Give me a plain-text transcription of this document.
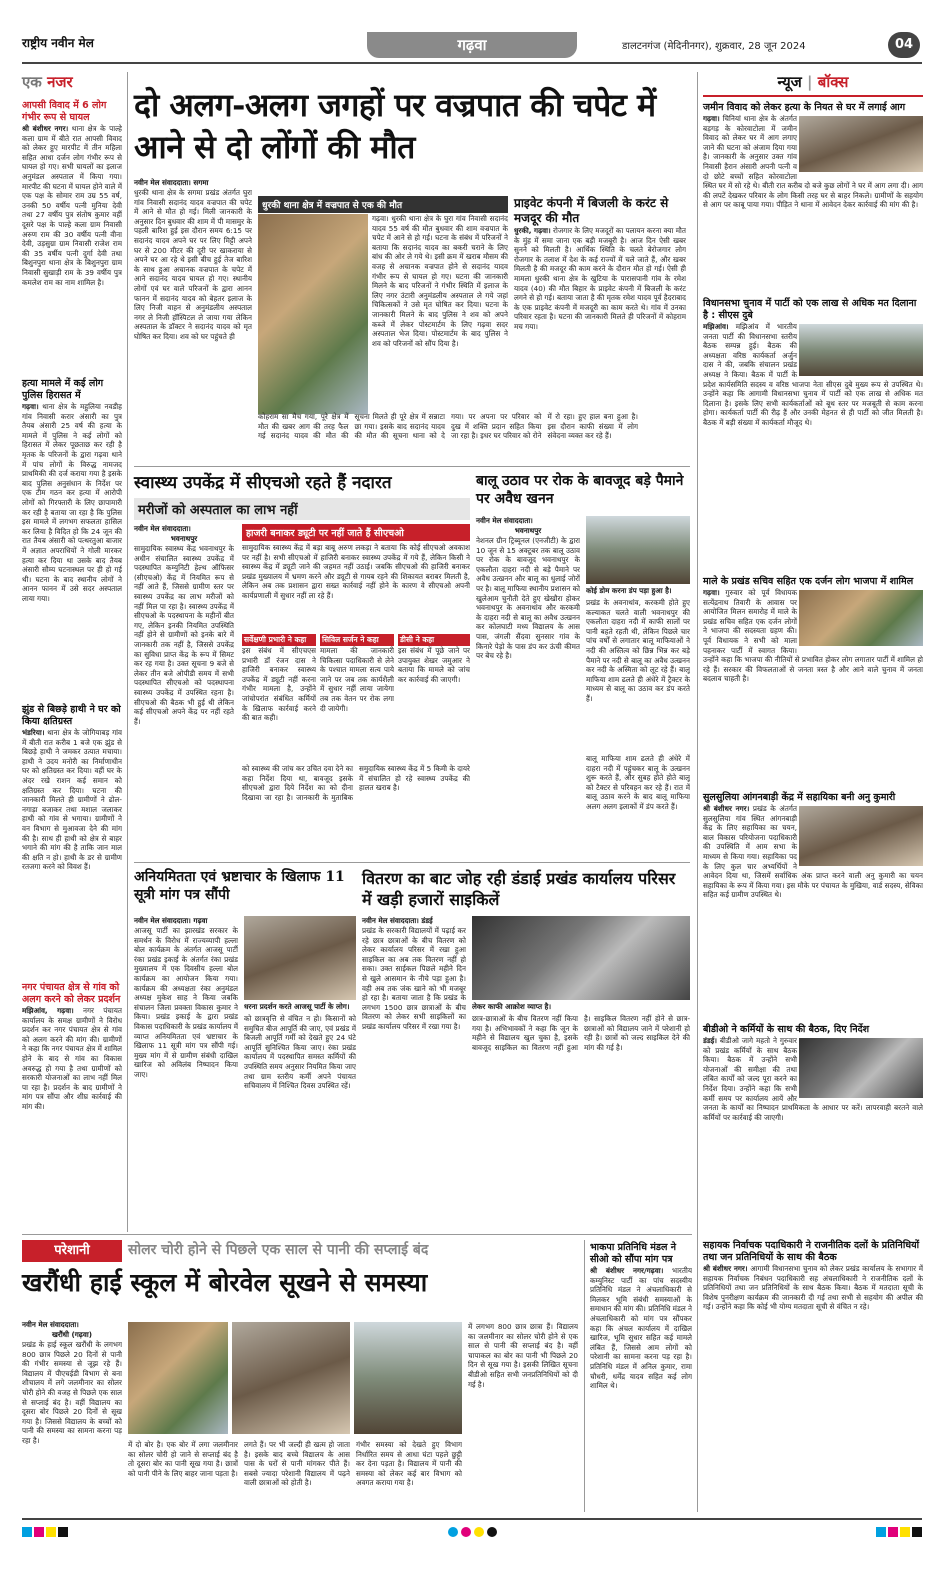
राष्ट्रीय नवीन मेल	गढ़वा	डालटनगंज (मेदिनीनगर), शुक्रवार, 28 जून 2024	04
एक नजर
आपसी विवाद में 6 लोग गंभीर रूप से घायल
श्री बंशीधर नगर। थाना क्षेत्र के पाल्हे कला ग्राम में बीते रात आपसी विवाद को लेकर हुए मारपीट में तीन महिला सहित आधा दर्जन लोग गंभीर रूप से घायल हो गए। सभी घायलों का इलाज अनुमंडल अस्पताल में किया गया। मारपीट की घटना में घायल होने वाले में एक पक्ष के सोमार राम उम्र 55 वर्ष, उनकी 50 वर्षीय पत्नी मुनिया देवी तथा 27 वर्षीय पुत्र संतोष कुमार वहीं दूसरे पक्ष के पाल्हे कला ग्राम निवासी अरुण राम की 30 वर्षीय पत्नी वीना देवी, उड़सुग्रा ग्राम निवासी राजेश राम की 35 वर्षीय पत्नी दुर्गा देवी तथा बिशुनपुरा थाना क्षेत्र के बिशुनपुरा ग्राम निवासी सुखाड़ी राम के 39 वर्षीय पुत्र कमलेश राम का नाम शामिल है।
हत्या मामले में कई लोग पुलिस हिरासत में
गढ़वा। थाना क्षेत्र के महुलिया नवडीह गांव निवासी करार अंसारी का पुत्र तैयब अंसारी 25 वर्ष की हत्या के मामले में पुलिस ने कई लोगों को हिरासत में लेकर पूछताछ कर रही है मृतक के परिजनों के द्वारा गढ़वा थाने में पांच लोगों के विरुद्ध नामजद प्राथमिकी की दर्ज कराया गया है इसके बाद पुलिस अनुसंधान के निर्देश पर एक टीम गठन कर हत्या में आरोपी लोगों को गिरफ्तारी के लिए छापामारी कर रही है बताया जा रहा है कि पुलिस इस मामले में लगभग सफलता हासिल कर लिया है विदित हो कि 24 जून की रात तैयब अंसारी को पत्थरतुआ बाजार में अज्ञात अपराधियों ने गोली मारकर हत्या कर दिया था उसके बाद तैयब अंसारी सौम्य घटनास्थल पर ही हो गई थी। घटना के बाद स्थानीय लोगों ने आनन फानन में उसे सदर अस्पताल लाया गया।
झुंड से बिछड़े हाथी ने घर को किया क्षतिग्रस्त
भंडरिया। थाना क्षेत्र के जोगियाबड़ गांव में बीती रात करीब 1 बजे एक झुंड से बिछड़े हाथी ने जमकर उत्पात मचाया। हाथी ने उदय मनोरी का निर्माणाधीन घर को क्षतिग्रस्त कर दिया। वहीं घर के अंदर रखे राशन कई समान को क्षतिग्रस्त कर दिया। घटना की जानकारी मिलते ही ग्रामीणों ने ढोल-नगाड़ा बजाकर तथा मशाल जलाकर हाथी को गांव से भगाया। ग्रामीणों ने वन विभाग से मुआवजा देने की मांग की है। साथ ही हाथी को क्षेत्र से बाहर भगाने की मांग की है ताकि जान माल की क्षति न हो। हाथी के डर से ग्रामीण रतजगा करने को विवश हैं।
नगर पंचायत क्षेत्र से गांव को अलग करने को लेकर प्रदर्शन
मझिआंव, गढ़वा। नगर पंचायत कार्यालय के समक्ष ग्रामीणों ने विरोध प्रदर्शन कर नगर पंचायत क्षेत्र से गांव को अलग करने की मांग की। ग्रामीणों ने कहा कि नगर पंचायत क्षेत्र में शामिल होने के बाद से गांव का विकास अवरुद्ध हो गया है तथा ग्रामीणों को सरकारी योजनाओं का लाभ नहीं मिल पा रहा है। प्रदर्शन के बाद ग्रामीणों ने मांग पत्र सौंपा और शीघ्र कार्रवाई की मांग की।
दो अलग-अलग जगहों पर वज्रपात की चपेट में आने से दो लोंगों की मौत
नवीन मेल संवाददाता। सगमा
धुरकी थाना क्षेत्र के सगमा प्रखंड अंतर्गत घुरा गांव निवासी सदानंद यादव वज्रपात की चपेट में आने से मौत हो गई। मिली जानकारी के अनुसार दिन बुधवार की शाम में पी मासमुर के पहली बारिश हुई इस दौरान समय 6:15 पर सदानंद यादव अपने घर पर लिए मिट्टी अपने घर से 200 मीटर की दूरी पर खाकराया से अपने घर आ रहे थे इसी बीच हुई तेज बारिश के साथ हुआ अचानक वज्रपात के चपेट में आने सदानंद यादव घायल हो गए। स्थानीय लोगों एवं घर वाले परिजनों के द्वारा आनन फानन में सदानंद यादव को बेहतर इलाज के लिए निजी वाहन से अनुमंडलीय अस्पताल नगर ले निजी हॉस्पिटल ले जाया गया लेकिन अस्पताल के डॉक्टर ने सदानंद यादव को मृत घोषित कर दिया। शव को घर पहुंचते ही
धुरकी थाना क्षेत्र में वज्रपात से एक की मौत
गढ़वा। धुरकी थाना क्षेत्र के घुरा गांव निवासी सदानंद यादव 55 वर्ष की मौत बुधवार की शाम वज्रपात के चपेट में आने से हो गई। घटना के संबंध में परिजनों ने बताया कि सदानंद यादव का बकरी चराने के लिए बांध की ओर ले गये थे। इसी क्रम में खराब मौसम की वजह से अचानक वज्रपात होने से सदानंद यादव गंभीर रूप से घायल हो गए। घटना की जानकारी मिलने के बाद परिजनों ने गंभीर स्थिति में इलाज के लिए नगर उंटारी अनुमंडलीय अस्पताल ले गये जहां चिकित्सकों ने उसे मृत घोषित कर दिया। घटना के जानकारी मिलने के बाद पुलिस ने शव को अपने कब्जे में लेकर पोस्टमार्टम के लिए गढ़वा सदर अस्पताल भेज दिया। पोस्टमार्टम के बाद पुलिस ने शव को परिजनों को सौंप दिया है।
कोहराम सा मैच गया, पूरे क्षेत्र में मौत की खबर आग की तरह फैल गई सदानंद यादव की मौत की सूचना मिलते ही पूरे क्षेत्र में सन्नाटा छा गया। इसके बाद सदानंद यादव की मौत की सूचना थाना को दे गया। पर अपना पर परिवार को दुख में शक्ति प्रदान सहित किया जा रहा है। इधर घर परिवार को रोने में रो रहा। हुए हाल बना हुआ है। इस दौरान काफी संख्या में लोग संवेदना व्यक्त कर रहे हैं।
प्राइवेट कंपनी में बिजली के करंट से मजदूर की मौत
धुरकी, गढ़वा। रोजगार के लिए मजदूरों का पलायन करना क्या मौत के मुंह में समा जाना एक बड़ी मजबूरी है। आज दिन ऐसी खबर सुनने को मिलती है। आर्थिक स्थिति के चलते बेरोजगार लोग रोजगार के तलाश में देश के कई राज्यों में चले जाते हैं, और खबर मिलती है की मजदूर की काम करने के दौरान मौत हो गई। ऐसी ही मामला धुरकी थाना क्षेत्र के खुटिया के पारासपानी गांव के रमेश यादव (40) की मौत बिहार के प्राइवेट कंपनी में बिजली के करंट लगने से हो गई। बताया जाता है की मृतक रमेश यादव पूर्व हैदराबाद के एक प्राइवेट कंपनी में मजदूरी का काम करते थे। गांव में उनका परिवार रहता है। घटना की जानकारी मिलते ही परिजनों में कोहराम मच गया।
स्वास्थ्य उपकेंद्र में सीएचओ रहते हैं नदारत
मरीजों को अस्पताल का लाभ नहीं
नवीन मेल संवाददाता।
भवनाथपुर
सामुदायिक स्वास्थ्य केंद्र भवनाथपुर के अधीन संचालित स्वास्थ्य उपकेंद्र में पदस्थापित कम्युनिटी हेल्थ ऑफिसर (सीएचओ) केंद्र में नियमित रूप से नहीं आते हैं, जिससे ग्रामीण स्तर पर स्वास्थ्य उपकेंद्र का लाभ मरीजों को नहीं मिल पा रहा है। स्वास्थ्य उपकेंद्र में सीएचओ के पदस्थापना के महीनों बीत गए, लेकिन इनकी नियमित उपस्थिति नहीं होने से ग्रामीणों को इनके बारे में जानकारी तक नहीं है, जिससे उपकेंद्र का सुविधा प्राप्त केंद्र के रूप में सिमट कर रह गया है। उक्त सूचना 9 बजे से लेकर तीन बजे ओपीडी समय में सभी पदस्थापित सीएचओ को पदस्थापना स्वास्थ्य उपकेंद्र में उपस्थित रहना है। सीएचओ की बैठक भी हुई थी लेकिन कई सीएचओ अपने केंद्र पर नहीं रहते हैं।
हाजरी बनाकर ड्यूटी पर नहीं जाते हैं सीएचओ
सामुदायिक स्वास्थ्य केंद्र में बड़ा बाबू अरुण लकड़ा ने बताया कि कोई सीएचओ अवकाश पर नहीं है। सभी सीएचओ में हाजिरी बनाकर स्वास्थ्य उपकेंद्र में गये हैं, लेकिन किसी ने स्वास्थ्य केंद्र में ड्यूटी जाने की जहमत नहीं उठाई। जबकि सीएचओ की हाजिरी बनाकर प्रखंड मुख्यालय में भ्रमण करने और ड्यूटी से गायब रहने की शिकायत बराबर मिलती है, लेकिन अब तक प्रशासन द्वारा सख्त कार्रवाई नहीं होने के कारण वे सीएचओ अपनी कार्यप्रणाली में सुधार नहीं ला रहे हैं।
सर्वेक्षणी प्रभारी ने कहा
इस संबंध में सीएचएस प्रभारी डॉ रंजन दास ने हाजिरी बनाकर स्वास्थ्य उपकेंद्र में ड्यूटी नहीं करना गंभीर मामला है, उन्होंने जांचोपरांत संबंधित कर्मियों के खिलाफ कार्रवाई करने की बात कही।
सिविल सर्जन ने कहा
मामला की जानकारी चिकित्सा पदाधिकारी से लेने के पश्चात मामला सत्य पाये जाने पर जब तक कार्यशैली में सुधार नहीं लाया जायेगा तब तक वेतन पर रोक लगा दी जायेगी।
डीसी ने कहा
इस संबंध में पूछे जाने पर उपायुक्त शेखर जमुआर ने बताया कि मामले को जांच कर कार्रवाई की जाएगी।
को स्वास्थ्य की जांच कर उचित दवा देने का कहा निर्देश दिया था, बावजूद इसके सीएचओ द्वारा दिये निर्देश का को दीना दिखावा जा रहा है। जानकारी के मुताबिक समुदायिक स्वास्थ्य केंद्र में 5 किमी के दायरे में संचालित हो रहे स्वास्थ्य उपकेंद्र की हालत खराब है।
बालू उठाव पर रोक के बावजूद बड़े पैमाने पर अवैध खनन
नवीन मेल संवाददाता।
भवनाथपुर
नेशनल ग्रीन ट्रिब्यूनल (एनजीटी) के द्वारा 10 जून से 15 अक्टूबर तक बालू उठाव पर रोक के बावजूद भवनाथपुर के एकलौता दाहरा नदी से बड़े पैमाने पर अवैध उत्खनन और बालू का धुलाई जोरों पर है। बालू माफिया स्थानीय प्रशासन को खुलेआम चुनौती देते हुए खेखौरा होकर भवनाथपुर के अवनाथांव और करकमी के दाहरा नदी से बालू का अवैध उत्खनन कर कोलघाटी मध्य विद्यालय के आस पास, जंगली सैंदवा सुनसार गांव के किनारे पेड़ो के पास डंप कर ऊंची कीमत पर बेच रहे है।
कोई डोम करना डंप पड़ा हुआ है।
प्रखंड के अवनाथांव, करकमी होते हुए कल्याकत चलते वाली भवनाथपुर की एकलौता दाहरा नदी में काफी सालों पर पानी बहते रहती थी, लेकिन पिछले चार पांच वर्षों से लगातार बालू माफियाओं ने नदी की अस्तित्व को छिन्न भिन्न कर बड़े पैमाने पर नदी से बालू का अवैध उत्खनन कर नदी के अस्मिता को लूट रहे हैं। बालू माफिया शाम ढलते ही अंधेरे में ट्रैक्टर के माध्यम से बालू का उठाव कर डंप करते हैं।
बालू माफिया शाम ढलते ही अंधेरे में दाहरा नदी में पहुंचकर बालू के उत्खनन शुरू करते हैं, और सुबह होते होते बालू को टैक्टर से परिवहन कर रहे हैं। रात में बालू उठाव करने के बाद बालू माफिया अलग अलग इलाकों में डंप करते हैं।
अनियमितता एवं भ्रष्टाचार के खिलाफ 11 सूत्री मांग पत्र सौंपी
नवीन मेल संवाददाता। गढ़वा
आजसू पार्टी का झारखंड सरकार के समर्थन के विरोध में राज्यव्यापी हल्ला बोल कार्यक्रम के अंतर्गत आजसू पार्टी रंका प्रखंड इकाई के अंतर्गत रंका प्रखंड मुख्यालय में एक दिवसीय हल्ला बोल कार्यक्रम का आयोजन किया गया। कार्यक्रम की अध्यक्षता रंका अनुमंडल अध्यक्ष मुकेश साह ने किया जबकि संचालन जिला प्रवक्ता विकास कुमार ने किया। प्रखंड इकाई के द्वारा प्रखंड विकास पदाधिकारी के प्रखंड कार्यालय में व्याप्त अनियमितता एवं भ्रष्टाचार के खिलाफ 11 सूत्री मांग पत्र सौंपी गई। मुख्य मांग में से ग्रामीण संबंधी दाखिल खारिज को अविलंब निष्पादन किया जाए।
धरना प्रदर्शन करते आजसू पार्टी के लोग।
को छात्रवृत्ति से वंचित न हो। किसानों को समुचित बीज आपूर्ति की जाए, एवं प्रखंड में बिजली आपूर्ति गर्मी को देखते हुए 24 घंटे आपूर्ति सुनिश्चित किया जाए। रंका प्रखंड कार्यालय में पदस्थापित समस्त कर्मियों की उपस्थिति समय अनुसार नियमित किया जाए तथा ग्राम स्तरीय कर्मी अपने पंचायत सचिवालय में निश्चित दिवस उपस्थित रहें।
वितरण का बाट जोह रही डंडाई प्रखंड कार्यालय परिसर में खड़ी हजारों साइकिलें
नवीन मेल संवाददाता। डंडई
प्रखंड के सरकारी विद्यालयों में पढ़ाई कर रहे छात्र छात्राओं के बीच वितरण को लेकर कार्यालय परिसर में रखा हुआ साइकिल का अब तक वितरण नहीं हो सका। उक्त साईकल पिछले महीने दिन से खुले आसमान के नीचे पड़ा हुआ है। वही अब तक जंक खाने को भी मजबूर हो रहा है। बताया जाता है कि प्रखंड के लगभग 1500 छात्र छात्राओं के बीच वितरण को लेकर सभी साइकिलों का प्रखंड कार्यालय परिसर में रखा गया है।
लेकर काफी आक्रोश व्याप्त है।
छात्र-छात्राओं के बीच वितरण नहीं किया गया है। अभिभावकों ने कहा कि जून के महीने से विद्यालय खुल चुका है, इसके बावजूद साइकिल का वितरण नहीं हुआ है। साइकिल वितरण नहीं होने से छात्र-छात्राओं को विद्यालय जाने में परेशानी हो रही है। छात्रों को जल्द साइकिल देने की मांग की गई है।
परेशानी	सोलर चोरी होने से पिछले एक साल से पानी की सप्लाई बंद
खरौंधी हाई स्कूल में बोरवेल सूखने से समस्या
नवीन मेल संवाददाता।
खरौंधी (गढ़वा)
प्रखंड के हाई स्कूल खरौंधी के लगभग 800 छात्र पिछले 20 दिनों से पानी की गंभीर समस्या से जूझ रहे हैं। विद्यालय में पीएचईडी विभाग से बना शौचालय में लगे जलमीनार का सोलर चोरी होने की वजह से पिछले एक साल से सप्लाई बंद है। वहीं विद्यालय का दूसरा बोर पिछले 20 दिनों से सूख गया है। जिससे विद्यालय के बच्चों को पानी की समस्या का सामना करना पड़ रहा है।	में दो बोर है। एक बोर में लगा जलमीनार का सोलर चोरी हो जाने से सप्लाई बंद है तो दूसरा बोर का पानी सूख गया है। छात्रों को पानी पीने के लिए बाहर जाना पड़ता है।
लगते हैं। पर भी जल्दी ही खत्म हो जाता है। इसके बाद बच्चे विद्यालय के आस पास के घरों से पानी मांगकर पीते हैं। सबसे ज्यादा परेशानी विद्यालय में पढ़ने वाली छात्राओं को होती है।
गंभीर समस्या को देखते हुए विभाग निर्धारित समय से आधा घंटा पहले छुट्टी कर देना पड़ता है। विद्यालय में पानी की समस्या को लेकर कई बार विभाग को अवगत कराया गया है।
में लगभग 800 छात्र छात्रा हैं। विद्यालय का जलमीनार का सोलर चोरी होने से एक साल से पानी की सप्लाई बंद है। वहीं चापाकल का बोर का पानी भी पिछले 20 दिन से सूख गया है। इसकी लिखित सूचना बीडीओ सहित सभी जनप्रतिनिधियों को दी गई है।
भाकपा प्रतिनिधि मंडल ने सीओ को सौंपा मांग पत्र
श्री बंशीधर नगर/गढ़वा। भारतीय कम्युनिस्ट पार्टी का पांच सदस्यीय प्रतिनिधि मंडल ने अंचलाधिकारी से मिलकर भूमि संबंधी समस्याओं के समाधान की मांग की। प्रतिनिधि मंडल ने अंचलाधिकारी को मांग पत्र सौंपकर कहा कि अंचल कार्यालय में दाखिल खारिज, भूमि सुधार सहित कई मामले लंबित हैं, जिससे आम लोगों को परेशानी का सामना करना पड़ रहा है। प्रतिनिधि मंडल में अनिल कुमार, रामा चौधरी, धर्मेंद्र यादव सहित कई लोग शामिल थे।
न्यूज | बॉक्स
जमीन विवाद को लेकर हत्या के नियत से घर में लगाई आग
गढ़वा। चिनियां थाना क्षेत्र के अंतर्गत बड़गड़ के कोरवाटोला में जमीन विवाद को लेकर घर में आग लगाए जाने की घटना को अंजाम दिया गया है। जानकारी के अनुसार उक्त गांव निवासी हैरान अंसारी अपनी पत्नी व दो छोटे बच्चों सहित कोरवाटोला स्थित घर में सो रहे थे। बीती रात करीब दो बजे कुछ लोगों ने घर में आग लगा दी। आग की लपटें देखकर परिवार के लोग किसी तरह घर से बाहर निकले। ग्रामीणों के सहयोग से आग पर काबू पाया गया। पीड़ित ने थाना में आवेदन देकर कार्रवाई की मांग की है।
विधानसभा चुनाव में पार्टी को एक लाख से अधिक मत दिलाना है : सीएस दुबे
मझिआंव। मझिआंव में भारतीय जनता पार्टी की विधानसभा स्तरीय बैठक सम्पन्न हुई। बैठक की अध्यक्षता वरिष्ठ कार्यकर्ता अर्जुन दास ने की, जबकि संचालन प्रखंड अध्यक्ष ने किया। बैठक में पार्टी के प्रदेश कार्यसमिति सदस्य व वरिष्ठ भाजपा नेता सीएस दुबे मुख्य रूप से उपस्थित थे। उन्होंने कहा कि आगामी विधानसभा चुनाव में पार्टी को एक लाख से अधिक मत दिलाना है। इसके लिए सभी कार्यकर्ताओं को बूथ स्तर पर मजबूती से काम करना होगा। कार्यकर्ता पार्टी की रीढ़ हैं और उनकी मेहनत से ही पार्टी को जीत मिलती है। बैठक में बड़ी संख्या में कार्यकर्ता मौजूद थे।
माले के प्रखंड सचिव सहित एक दर्जन लोग भाजपा में शामिल
गढ़वा। गुरुवार को पूर्व विधायक सत्येंद्रनाथ तिवारी के आवास पर आयोजित मिलन समारोह में माले के प्रखंड सचिव सहित एक दर्जन लोगों ने भाजपा की सदस्यता ग्रहण की। पूर्व विधायक ने सभी को माला पहनाकर पार्टी में स्वागत किया। उन्होंने कहा कि भाजपा की नीतियों से प्रभावित होकर लोग लगातार पार्टी में शामिल हो रहे हैं। सरकार की विफलताओं से जनता त्रस्त है और आने वाले चुनाव में जनता बदलाव चाहती है।
सुलसुलिया आंगनबाड़ी केंद्र में सहायिका बनी अनु कुमारी
श्री बंशीधर नगर। प्रखंड के अंतर्गत सुलसुलिया गांव स्थित आंगनबाड़ी केंद्र के लिए सहायिका का चयन, बाल विकास परियोजना पदाधिकारी की उपस्थिति में आम सभा के माध्यम से किया गया। सहायिका पद के लिए कुल चार अभ्यर्थियों ने आवेदन दिया था, जिसमें सर्वाधिक अंक प्राप्त करने वाली अनु कुमारी का चयन सहायिका के रूप में किया गया। इस मौके पर पंचायत के मुखिया, वार्ड सदस्य, सेविका सहित कई ग्रामीण उपस्थित थे।
बीडीओ ने कर्मियों के साथ की बैठक, दिए निर्देश
डंडई। बीडीओ जागे महतो ने गुरुवार को प्रखंड कर्मियों के साथ बैठक किया। बैठक में उन्होंने सभी योजनाओं की समीक्षा की तथा लंबित कार्यों को जल्द पूरा करने का निर्देश दिया। उन्होंने कहा कि सभी कर्मी समय पर कार्यालय आयें और जनता के कार्यों का निष्पादन प्राथमिकता के आधार पर करें। लापरवाही बरतने वाले कर्मियों पर कार्रवाई की जाएगी।
सहायक निर्वाचक पदाधिकारी ने राजनीतिक दलों के प्रतिनिधियों तथा जन प्रतिनिधियों के साथ की बैठक
श्री बंशीधर नगर। आगामी विधानसभा चुनाव को लेकर प्रखंड कार्यालय के सभागार में सहायक निर्वाचक निबंधन पदाधिकारी सह अंचलाधिकारी ने राजनीतिक दलों के प्रतिनिधियों तथा जन प्रतिनिधियों के साथ बैठक किया। बैठक में मतदाता सूची के विशेष पुनरीक्षण कार्यक्रम की जानकारी दी गई तथा सभी से सहयोग की अपील की गई। उन्होंने कहा कि कोई भी योग्य मतदाता सूची से वंचित न रहे।
